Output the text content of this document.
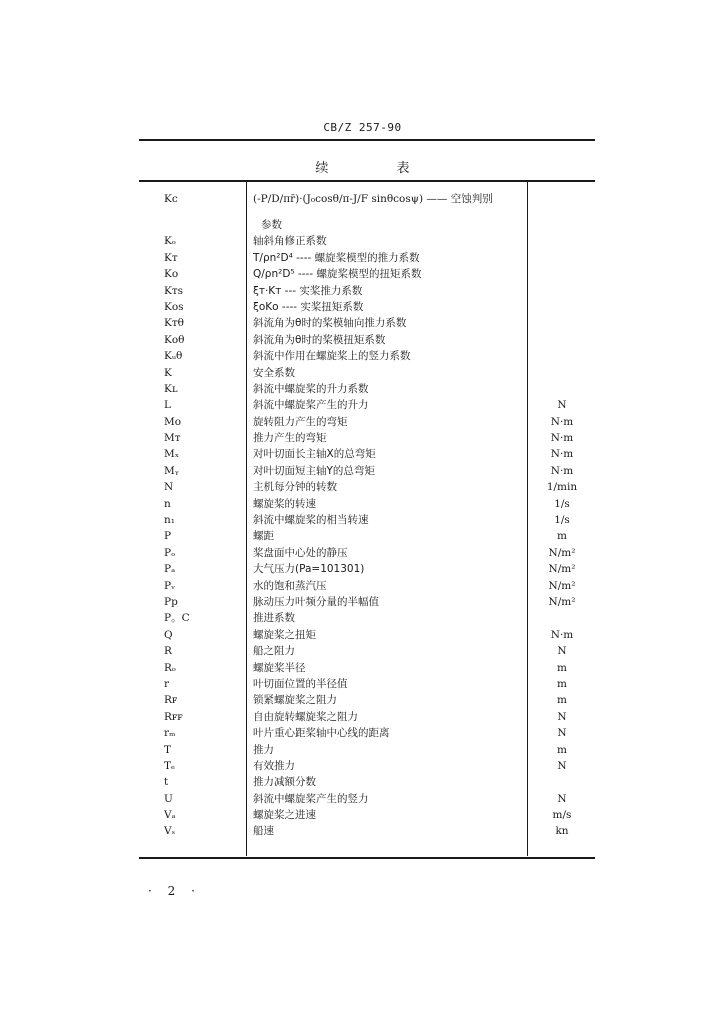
CB/Z 257-90
续 表
Kc	(-P/D/πr̄)·(J₀cosθ/π-J/F sinθcosψ) —— 空蚀判别
参数
Kₒ	轴斜角修正系数
Kᴛ	T/ρn²D⁴ ---- 螺旋桨模型的推力系数
Kᴏ	Q/ρn²D⁵ ---- 螺旋桨模型的扭矩系数
Kᴛs	ξᴛ·Kᴛ --- 实桨推力系数
Kᴏs	ξᴏKᴏ ---- 实桨扭矩系数
Kᴛθ	斜流角为θ时的桨模轴向推力系数
Kᴏθ	斜流角为θ时的桨模扭矩系数
Kᵤθ	斜流中作用在螺旋桨上的竖力系数
K	安全系数
Kʟ	斜流中螺旋桨的升力系数
L	斜流中螺旋桨产生的升力	N
Mᴏ	旋转阻力产生的弯矩	N·m
Mᴛ	推力产生的弯矩	N·m
Mₓ	对叶切面长主轴X的总弯矩	N·m
Mᵧ	对叶切面短主轴Y的总弯矩	N·m
N	主机每分钟的转数	1/min
n	螺旋桨的转速	1/s
n₁	斜流中螺旋桨的相当转速	1/s
P	螺距	m
Pₒ	桨盘面中心处的静压	N/m²
Pₐ	大气压力(Pa=101301)	N/m²
Pᵥ	水的饱和蒸汽压	N/m²
Pp	脉动压力叶频分量的半幅值	N/m²
P。C	推进系数
Q	螺旋桨之扭矩	N·m
R	船之阻力	N
Rₒ	螺旋桨半径	m
r	叶切面位置的半径值	m
Rꜰ	锁紧螺旋桨之阻力	m
Rꜰꜰ	自由旋转螺旋桨之阻力	N
rₘ	叶片重心距桨轴中心线的距离	N
T	推力	m
Tₑ	有效推力	N
t	推力减额分数
U	斜流中螺旋桨产生的竖力	N
Vₐ	螺旋桨之进速	m/s
Vₛ	船速	kn
· 2 ·
